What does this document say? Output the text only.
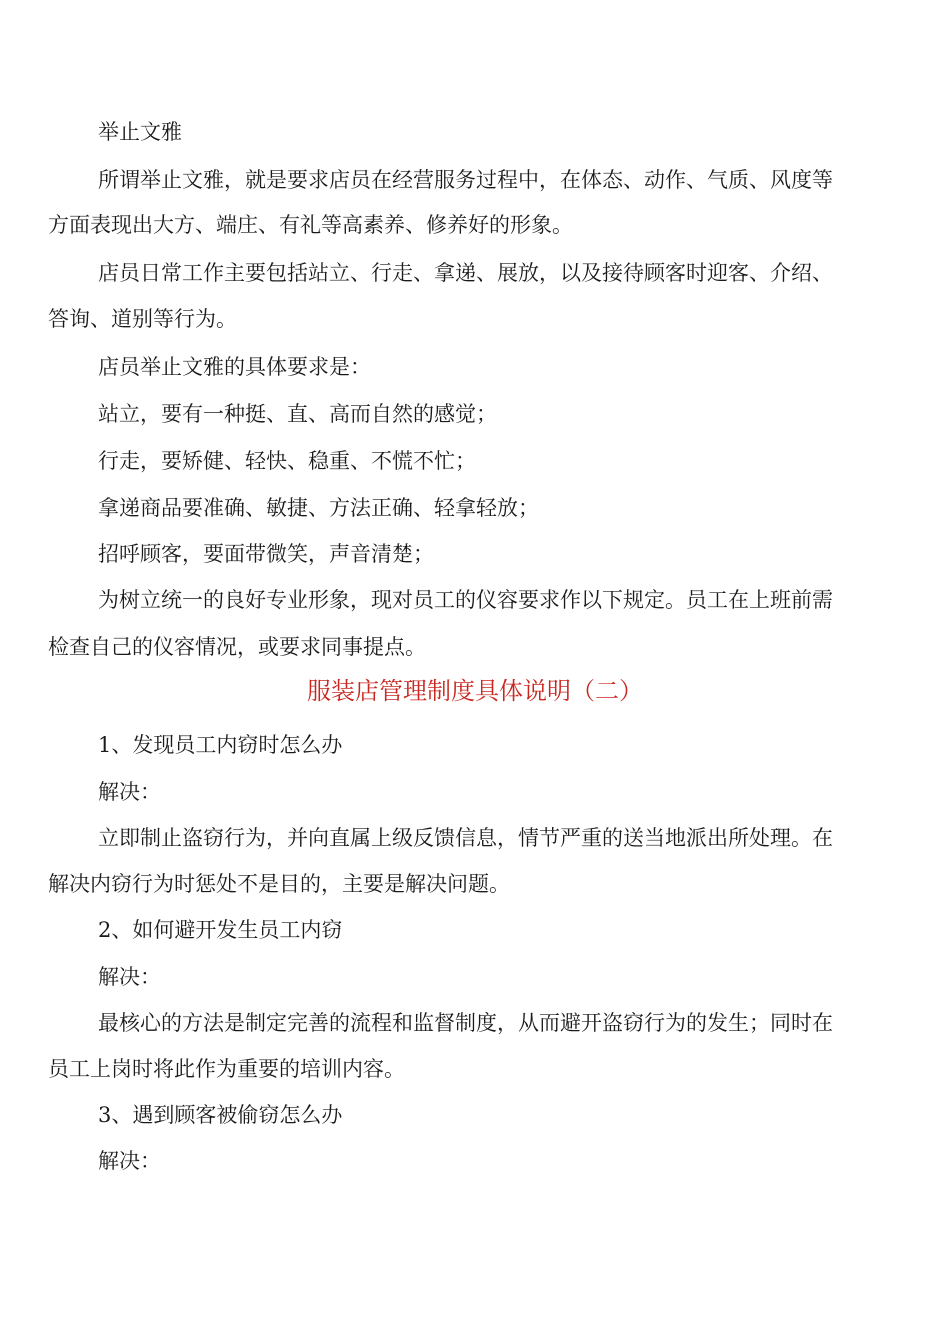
举止文雅
所谓举止文雅，就是要求店员在经营服务过程中，在体态、动作、气质、风度等
方面表现出大方、端庄、有礼等高素养、修养好的形象。
店员日常工作主要包括站立、行走、拿递、展放，以及接待顾客时迎客、介绍、
答询、道别等行为。
店员举止文雅的具体要求是：
站立，要有一种挺、直、高而自然的感觉；
行走，要矫健、轻快、稳重、不慌不忙；
拿递商品要准确、敏捷、方法正确、轻拿轻放；
招呼顾客，要面带微笑，声音清楚；
为树立统一的良好专业形象，现对员工的仪容要求作以下规定。员工在上班前需
检查自己的仪容情况，或要求同事提点。
服装店管理制度具体说明（二）
1、发现员工内窃时怎么办
解决：
立即制止盗窃行为，并向直属上级反馈信息，情节严重的送当地派出所处理。在
解决内窃行为时惩处不是目的，主要是解决问题。
2、如何避开发生员工内窃
解决：
最核心的方法是制定完善的流程和监督制度，从而避开盗窃行为的发生；同时在
员工上岗时将此作为重要的培训内容。
3、遇到顾客被偷窃怎么办
解决：
